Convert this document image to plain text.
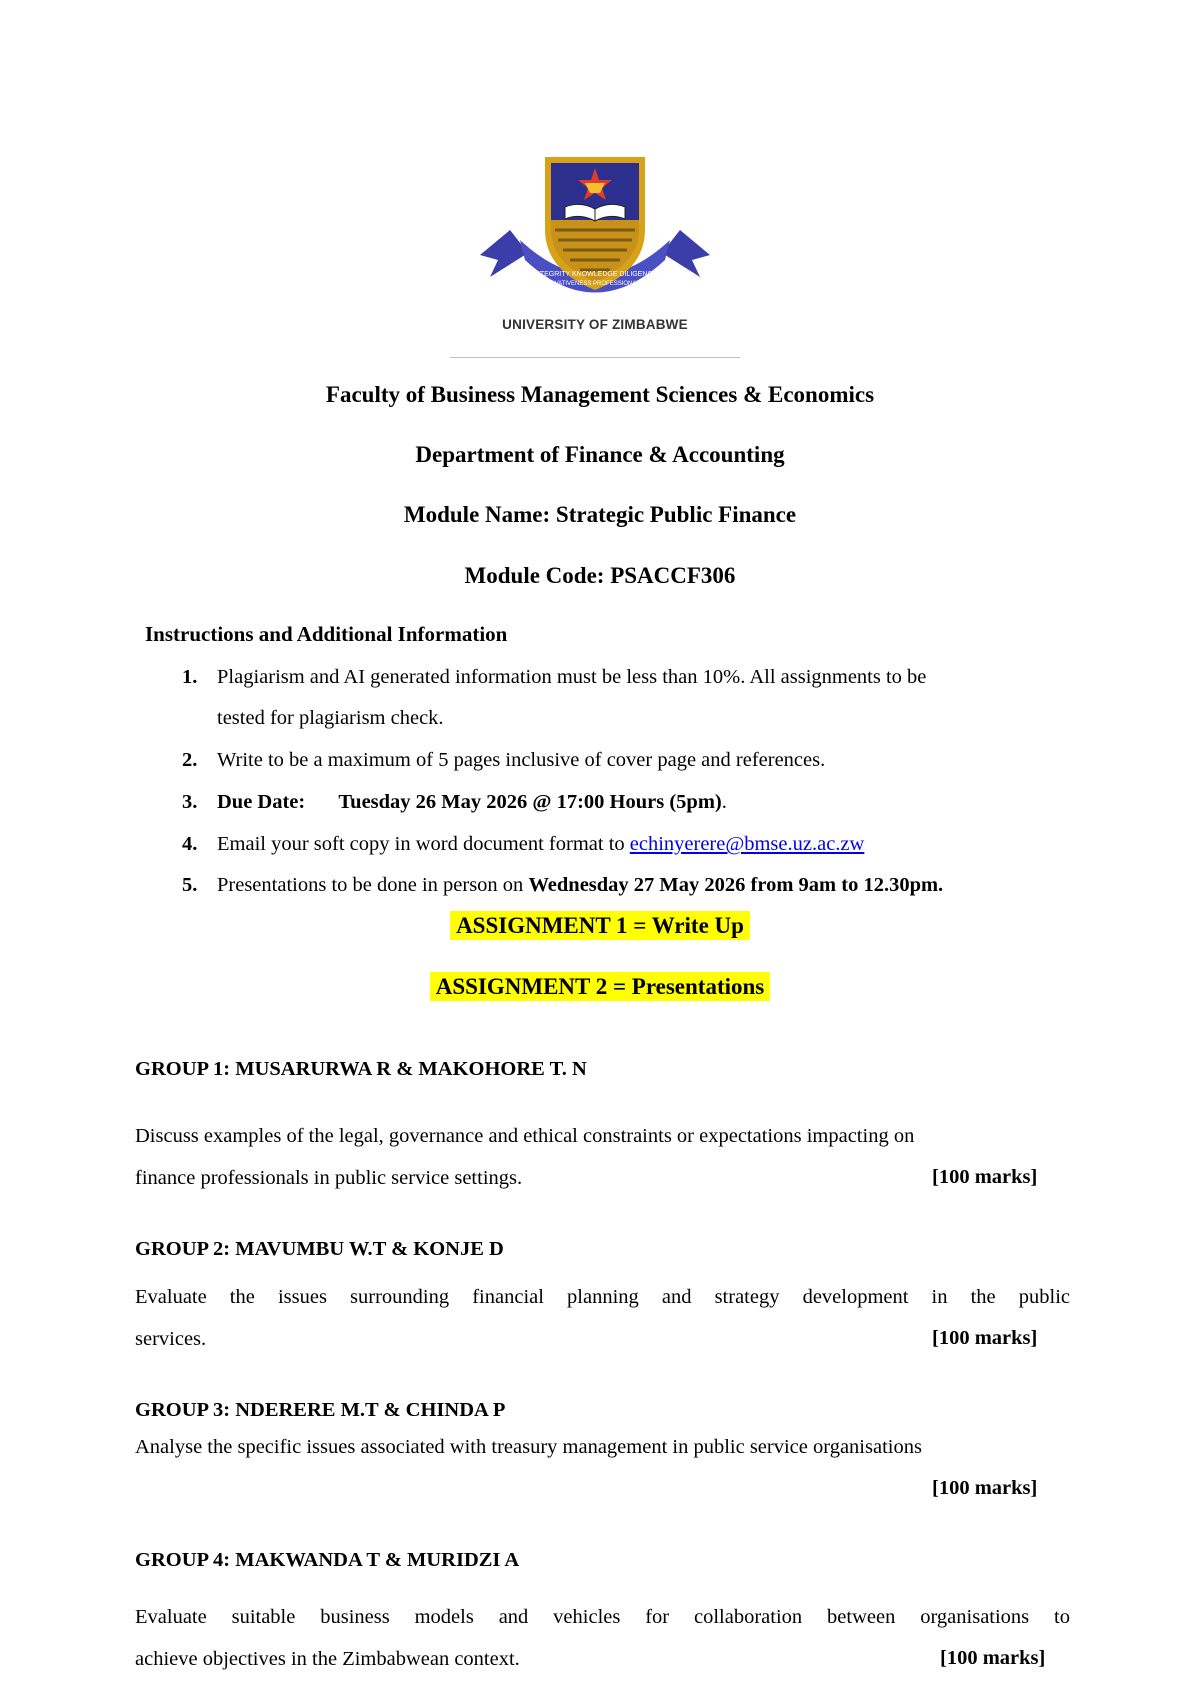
INTEGRITY KNOWLEDGE DILIGENCE
INNOVATIVENESS PROFESSIONALISM
UNIVERSITY OF ZIMBABWE
Faculty of Business Management Sciences & Economics
Department of Finance & Accounting
Module Name: Strategic Public Finance
Module Code: PSACCF306
Instructions and Additional Information
1. Plagiarism and AI generated information must be less than 10%. All assignments to be
tested for plagiarism check.
2. Write to be a maximum of 5 pages inclusive of cover page and references.
3. Due Date: Tuesday 26 May 2026 @ 17:00 Hours (5pm).
4. Email your soft copy in word document format to echinyerere@bmse.uz.ac.zw
5. Presentations to be done in person on Wednesday 27 May 2026 from 9am to 12.30pm.
ASSIGNMENT 1 = Write Up
ASSIGNMENT 2 = Presentations
GROUP 1: MUSARURWA R & MAKOHORE T. N
Discuss examples of the legal, governance and ethical constraints or expectations impacting on
finance professionals in public service settings.	[100 marks]
GROUP 2: MAVUMBU W.T & KONJE D
Evaluate the issues surrounding financial planning and strategy development in the public
services.	[100 marks]
GROUP 3: NDERERE M.T & CHINDA P
Analyse the specific issues associated with treasury management in public service organisations
[100 marks]
GROUP 4: MAKWANDA T & MURIDZI A
Evaluate suitable business models and vehicles for collaboration between organisations to
achieve objectives in the Zimbabwean context.	[100 marks]
